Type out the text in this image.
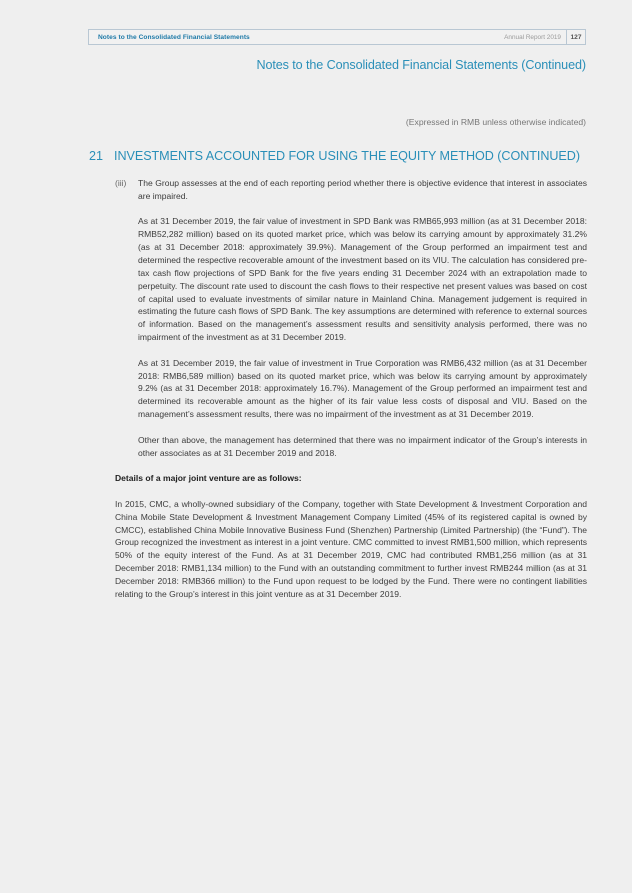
Notes to the Consolidated Financial Statements	Annual Report 2019	127
Notes to the Consolidated Financial Statements (Continued)
(Expressed in RMB unless otherwise indicated)
21 INVESTMENTS ACCOUNTED FOR USING THE EQUITY METHOD (CONTINUED)
(iii)	The Group assesses at the end of each reporting period whether there is objective evidence that interest in associates are impaired.

As at 31 December 2019, the fair value of investment in SPD Bank was RMB65,993 million (as at 31 December 2018: RMB52,282 million) based on its quoted market price, which was below its carrying amount by approximately 31.2% (as at 31 December 2018: approximately 39.9%). Management of the Group performed an impairment test and determined the respective recoverable amount of the investment based on its VIU. The calculation has considered pre-tax cash flow projections of SPD Bank for the five years ending 31 December 2024 with an extrapolation made to perpetuity. The discount rate used to discount the cash flows to their respective net present values was based on cost of capital used to evaluate investments of similar nature in Mainland China. Management judgement is required in estimating the future cash flows of SPD Bank. The key assumptions are determined with reference to external sources of information. Based on the management’s assessment results and sensitivity analysis performed, there was no impairment of the investment as at 31 December 2019.

As at 31 December 2019, the fair value of investment in True Corporation was RMB6,432 million (as at 31 December 2018: RMB6,589 million) based on its quoted market price, which was below its carrying amount by approximately 9.2% (as at 31 December 2018: approximately 16.7%). Management of the Group performed an impairment test and determined its recoverable amount as the higher of its fair value less costs of disposal and VIU. Based on the management’s assessment results, there was no impairment of the investment as at 31 December 2019.

Other than above, the management has determined that there was no impairment indicator of the Group’s interests in other associates as at 31 December 2019 and 2018.

Details of a major joint venture are as follows:

In 2015, CMC, a wholly-owned subsidiary of the Company, together with State Development & Investment Corporation and China Mobile State Development & Investment Management Company Limited (45% of its registered capital is owned by CMCC), established China Mobile Innovative Business Fund (Shenzhen) Partnership (Limited Partnership) (the “Fund”). The Group recognized the investment as interest in a joint venture. CMC committed to invest RMB1,500 million, which represents 50% of the equity interest of the Fund. As at 31 December 2019, CMC had contributed RMB1,256 million (as at 31 December 2018: RMB1,134 million) to the Fund with an outstanding commitment to further invest RMB244 million (as at 31 December 2018: RMB366 million) to the Fund upon request to be lodged by the Fund. There were no contingent liabilities relating to the Group’s interest in this joint venture as at 31 December 2019.
